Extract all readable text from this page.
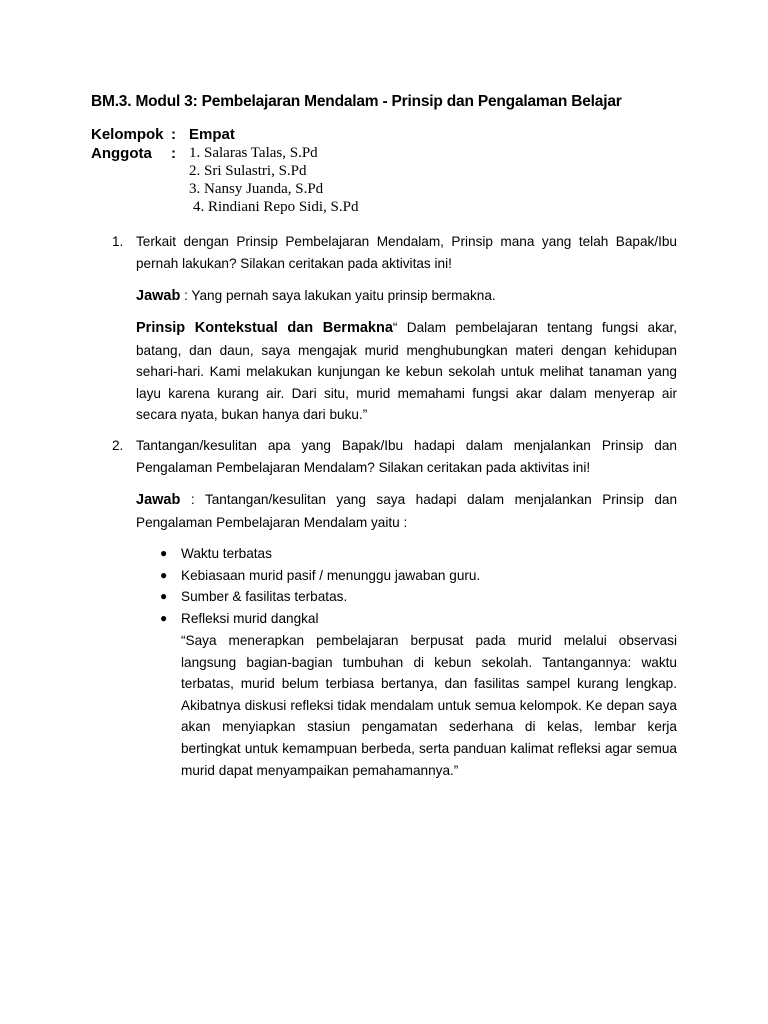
BM.3. Modul 3: Pembelajaran Mendalam - Prinsip dan Pengalaman Belajar
Kelompok : Empat
Anggota	: 1. Salaras Talas, S.Pd
2. Sri Sulastri, S.Pd
3. Nansy Juanda, S.Pd
4. Rindiani Repo Sidi, S.Pd
1. Terkait dengan Prinsip Pembelajaran Mendalam, Prinsip mana yang telah Bapak/Ibu pernah lakukan? Silakan ceritakan pada aktivitas ini!
Jawab : Yang pernah saya lakukan yaitu prinsip bermakna.
Prinsip Kontekstual dan Bermakna“ Dalam pembelajaran tentang fungsi akar, batang, dan daun, saya mengajak murid menghubungkan materi dengan kehidupan sehari-hari. Kami melakukan kunjungan ke kebun sekolah untuk melihat tanaman yang layu karena kurang air. Dari situ, murid memahami fungsi akar dalam menyerap air secara nyata, bukan hanya dari buku.”
2. Tantangan/kesulitan apa yang Bapak/Ibu hadapi dalam menjalankan Prinsip dan Pengalaman Pembelajaran Mendalam? Silakan ceritakan pada aktivitas ini!
Jawab : Tantangan/kesulitan yang saya hadapi dalam menjalankan Prinsip dan Pengalaman Pembelajaran Mendalam yaitu :
●	Waktu terbatas
●	Kebiasaan murid pasif / menunggu jawaban guru.
●	Sumber & fasilitas terbatas.
●	Refleksi murid dangkal
“Saya menerapkan pembelajaran berpusat pada murid melalui observasi langsung bagian-bagian tumbuhan di kebun sekolah. Tantangannya: waktu terbatas, murid belum terbiasa bertanya, dan fasilitas sampel kurang lengkap. Akibatnya diskusi refleksi tidak mendalam untuk semua kelompok. Ke depan saya akan menyiapkan stasiun pengamatan sederhana di kelas, lembar kerja bertingkat untuk kemampuan berbeda, serta panduan kalimat refleksi agar semua murid dapat menyampaikan pemahamannya.”
